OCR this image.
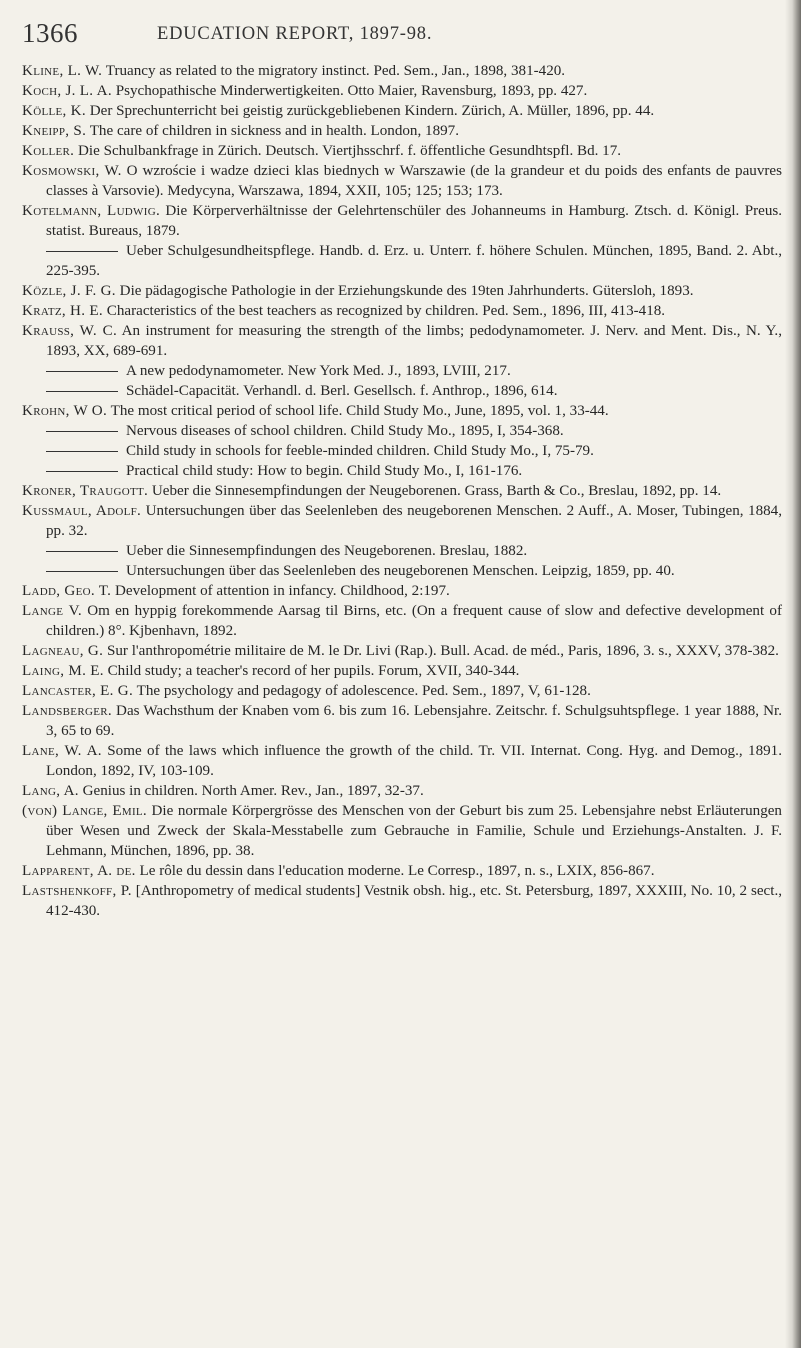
1366	EDUCATION REPORT, 1897-98.

Kline, L. W. Truancy as related to the migratory instinct. Ped. Sem., Jan., 1898, 381-420.

Koch, J. L. A. Psychopathische Minderwertigkeiten. Otto Maier, Ravensburg, 1893, pp. 427.

Kölle, K. Der Sprechunterricht bei geistig zurückgebliebenen Kindern. Zürich, A. Müller, 1896, pp. 44.

Kneipp, S. The care of children in sickness and in health. London, 1897.

Koller. Die Schulbankfrage in Zürich. Deutsch. Viertjhsschrf. f. öffentliche Gesundhtspfl. Bd. 17.

Kosmowski, W. O wzroście i wadze dzieci klas biednych w Warszawie (de la grandeur et du poids des enfants de pauvres classes à Varsovie). Medycyna, Warszawa, 1894, XXII, 105; 125; 153; 173.

Kotelmann, Ludwig. Die Körperverhältnisse der Gelehrtenschüler des Johanneums in Hamburg. Ztsch. d. Königl. Preus. statist. Bureaus, 1879.

Ueber Schulgesundheitspflege. Handb. d. Erz. u. Unterr. f. höhere Schulen. München, 1895, Band. 2. Abt., 225-395.

Közle, J. F. G. Die pädagogische Pathologie in der Erziehungskunde des 19ten Jahrhunderts. Gütersloh, 1893.

Kratz, H. E. Characteristics of the best teachers as recognized by children. Ped. Sem., 1896, III, 413-418.

Krauss, W. C. An instrument for measuring the strength of the limbs; pedodynamometer. J. Nerv. and Ment. Dis., N. Y., 1893, XX, 689-691.

A new pedodynamometer. New York Med. J., 1893, LVIII, 217.

Schädel-Capacität. Verhandl. d. Berl. Gesellsch. f. Anthrop., 1896, 614.

Krohn, W O. The most critical period of school life. Child Study Mo., June, 1895, vol. 1, 33-44.

Nervous diseases of school children. Child Study Mo., 1895, I, 354-368.

Child study in schools for feeble-minded children. Child Study Mo., I, 75-79.

Practical child study: How to begin. Child Study Mo., I, 161-176.

Kroner, Traugott. Ueber die Sinnesempfindungen der Neugeborenen. Grass, Barth & Co., Breslau, 1892, pp. 14.

Kussmaul, Adolf. Untersuchungen über das Seelenleben des neugeborenen Menschen. 2 Auff., A. Moser, Tubingen, 1884, pp. 32.

Ueber die Sinnesempfindungen des Neugeborenen. Breslau, 1882.

Untersuchungen über das Seelenleben des neugeborenen Menschen. Leipzig, 1859, pp. 40.

Ladd, Geo. T. Development of attention in infancy. Childhood, 2:197.

Lange V. Om en hyppig forekommende Aarsag til Birns, etc. (On a frequent cause of slow and defective development of children.) 8°. Kjbenhavn, 1892.

Lagneau, G. Sur l'anthropométrie militaire de M. le Dr. Livi (Rap.). Bull. Acad. de méd., Paris, 1896, 3. s., XXXV, 378-382.

Laing, M. E. Child study; a teacher's record of her pupils. Forum, XVII, 340-344.

Lancaster, E. G. The psychology and pedagogy of adolescence. Ped. Sem., 1897, V, 61-128.

Landsberger. Das Wachsthum der Knaben vom 6. bis zum 16. Lebensjahre. Zeitschr. f. Schulgsuhtspflege. 1 year 1888, Nr. 3, 65 to 69.

Lane, W. A. Some of the laws which influence the growth of the child. Tr. VII. Internat. Cong. Hyg. and Demog., 1891. London, 1892, IV, 103-109.

Lang, A. Genius in children. North Amer. Rev., Jan., 1897, 32-37.

(von) Lange, Emil. Die normale Körpergrösse des Menschen von der Geburt bis zum 25. Lebensjahre nebst Erläuterungen über Wesen und Zweck der Skala-Messtabelle zum Gebrauche in Familie, Schule und Erziehungs-Anstalten. J. F. Lehmann, München, 1896, pp. 38.

Lapparent, A. de. Le rôle du dessin dans l'education moderne. Le Corresp., 1897, n. s., LXIX, 856-867.

Lastshenkoff, P. [Anthropometry of medical students] Vestnik obsh. hig., etc. St. Petersburg, 1897, XXXIII, No. 10, 2 sect., 412-430.
